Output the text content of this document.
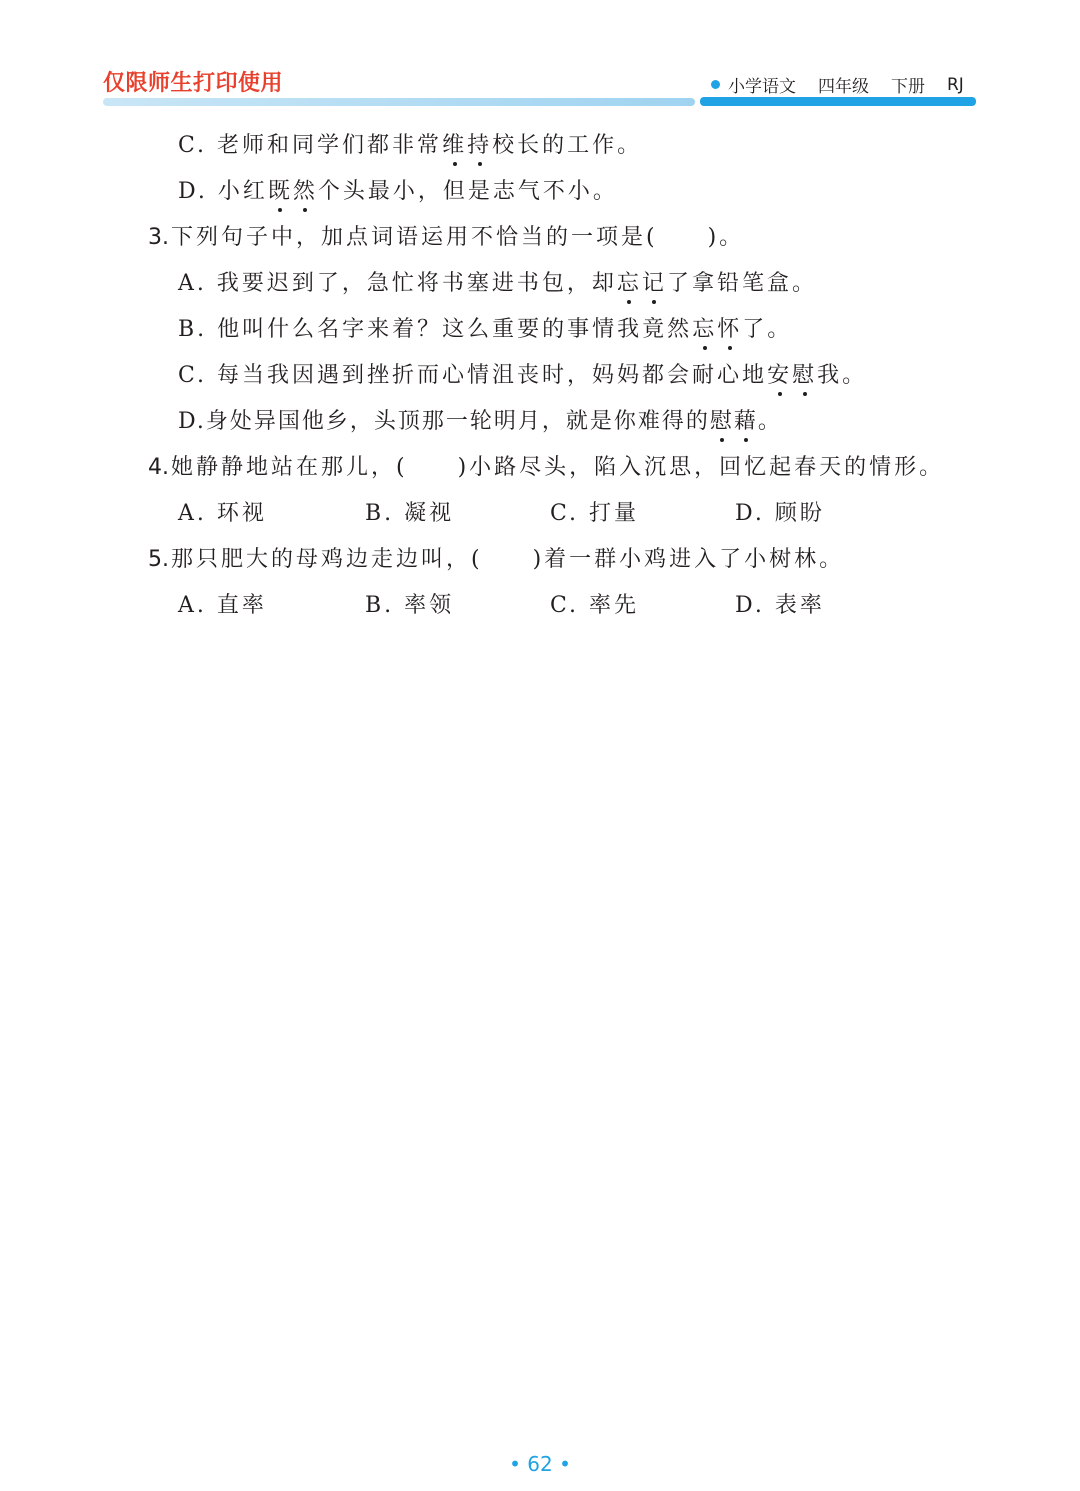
仅限师生打印使用	小学语文 四年级 下册 RJ
C. 老师和同学们都非常维持校长的工作。
D. 小红既然个头最小，但是志气不小。
3.下列句子中，加点词语运用不恰当的一项是(　　)。
A. 我要迟到了，急忙将书塞进书包，却忘记了拿铅笔盒。
B. 他叫什么名字来着？这么重要的事情我竟然忘怀了。
C. 每当我因遇到挫折而心情沮丧时，妈妈都会耐心地安慰我。
D.身处异国他乡，头顶那一轮明月，就是你难得的慰藉。
4.她静静地站在那儿，(　　)小路尽头，陷入沉思，回忆起春天的情形。
A. 环视	B. 凝视	C. 打量	D. 顾盼
5.那只肥大的母鸡边走边叫，(　　)着一群小鸡进入了小树林。
A. 直率	B. 率领	C. 率先	D. 表率
• 62 •
